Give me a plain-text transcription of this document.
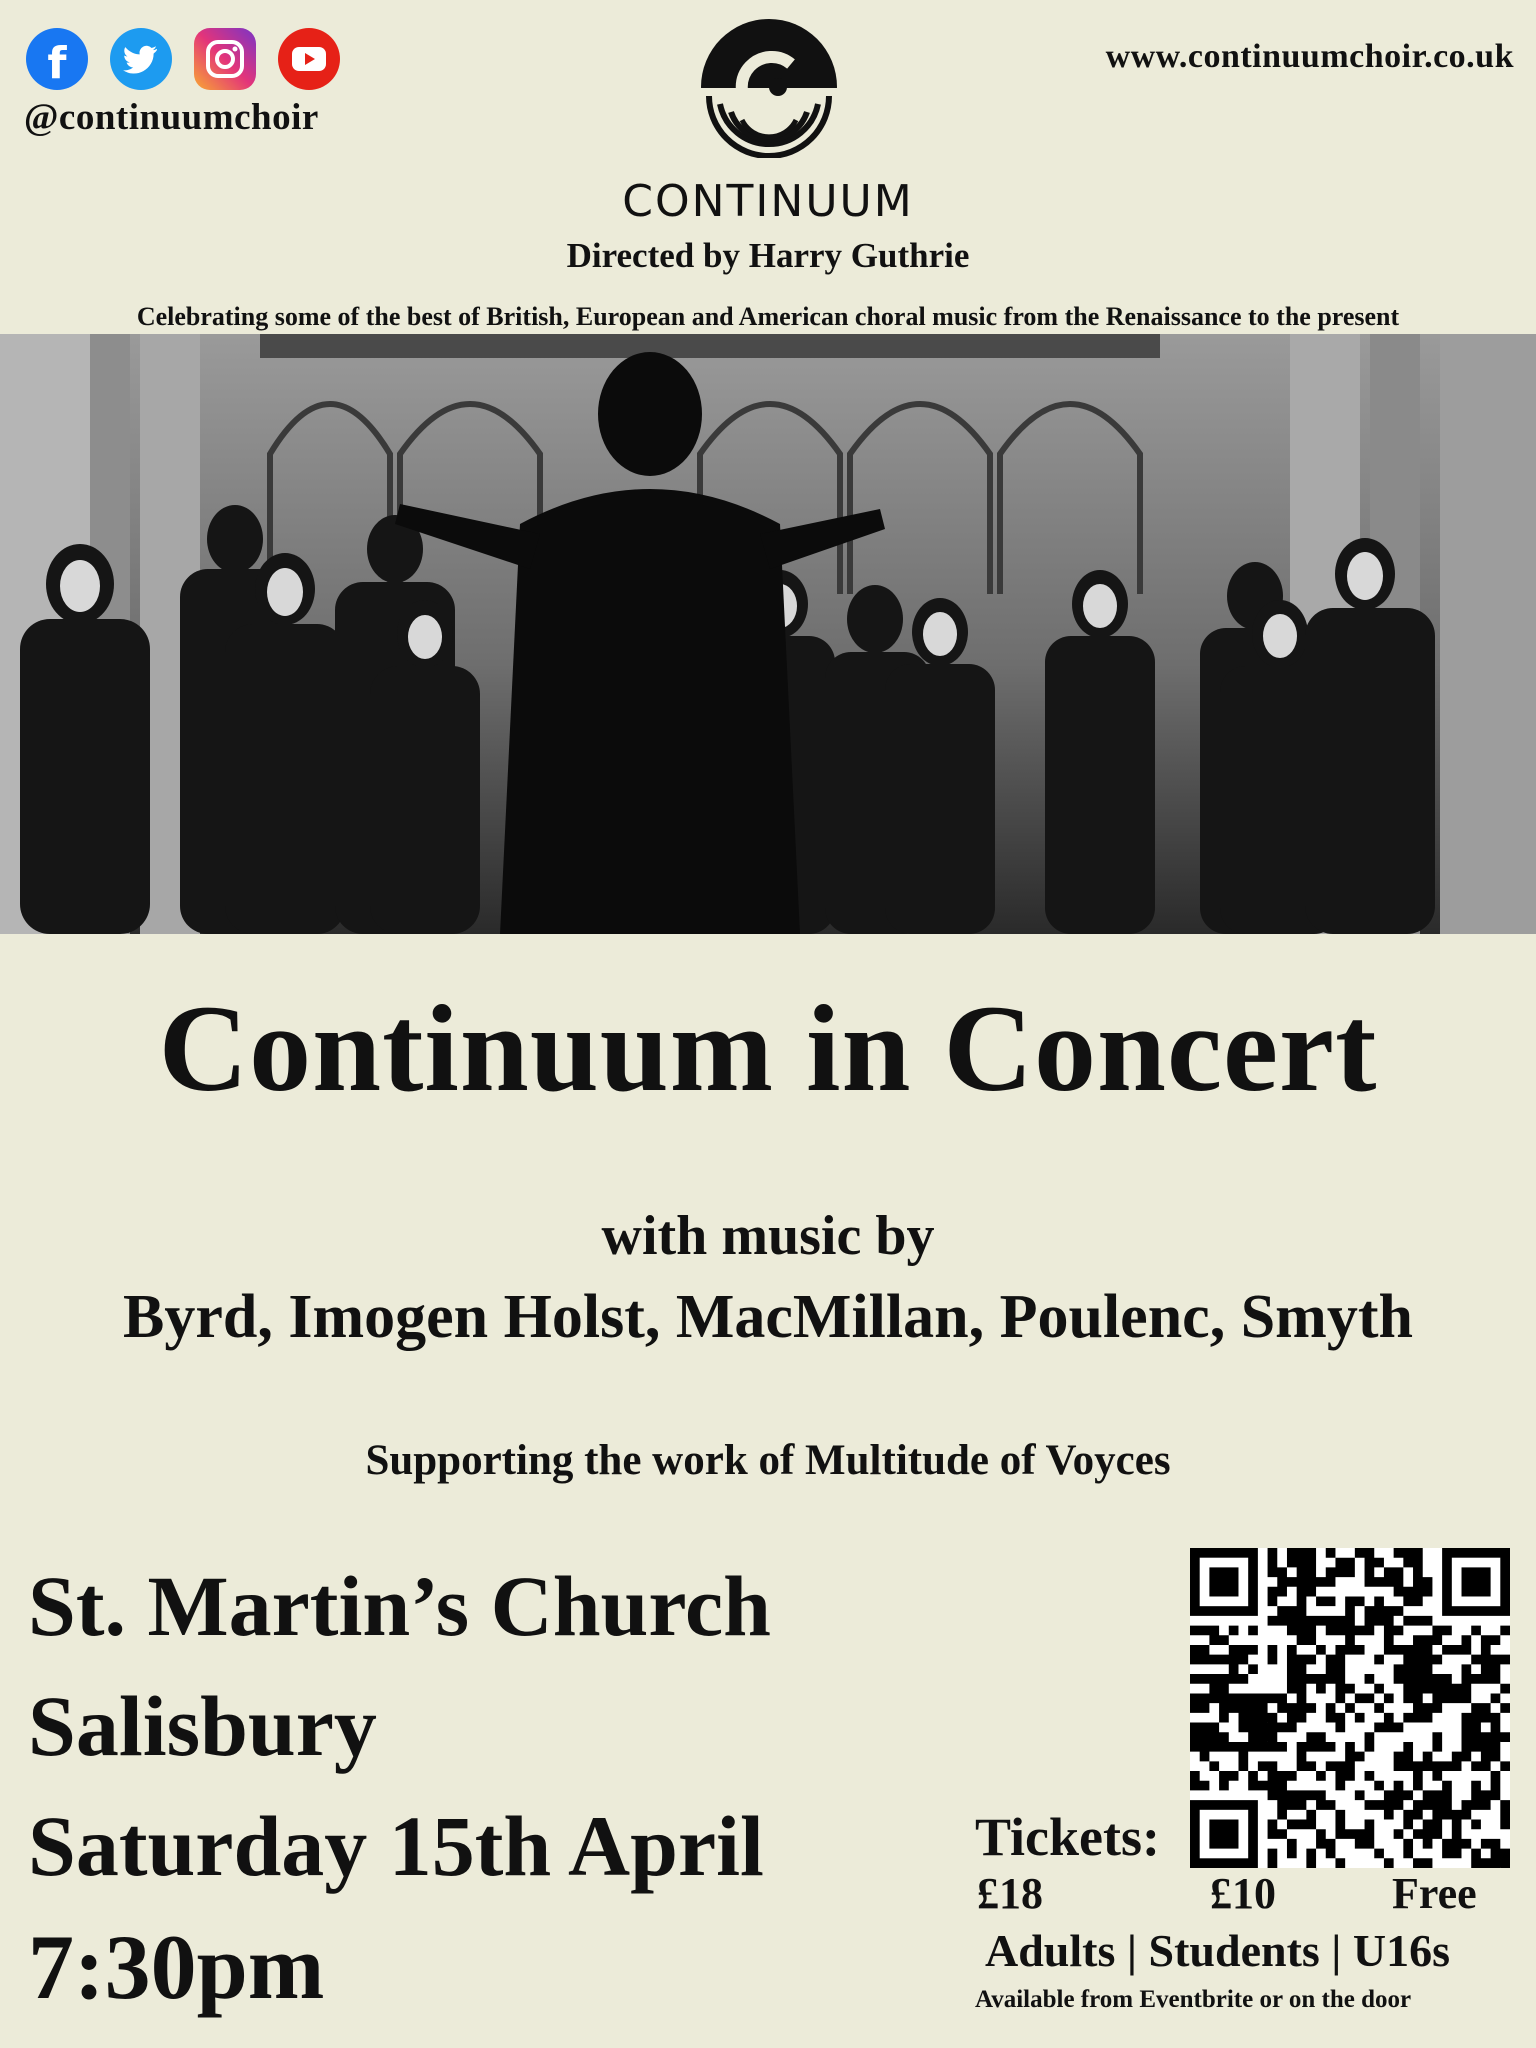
f
@continuumchoir
www.continuumchoir.co.uk
CONTINUUM
Directed by Harry Guthrie
Celebrating some of the best of British, European and American choral music from the Renaissance to the present
Continuum in Concert
with music by
Byrd, Imogen Holst, MacMillan, Poulenc, Smyth
Supporting the work of Multitude of Voyces
St. Martin’s Church
Salisbury
Saturday 15th April
7:30pm
Tickets:
£18	£10	Free
Adults | Students | U16s
Available from Eventbrite or on the door
